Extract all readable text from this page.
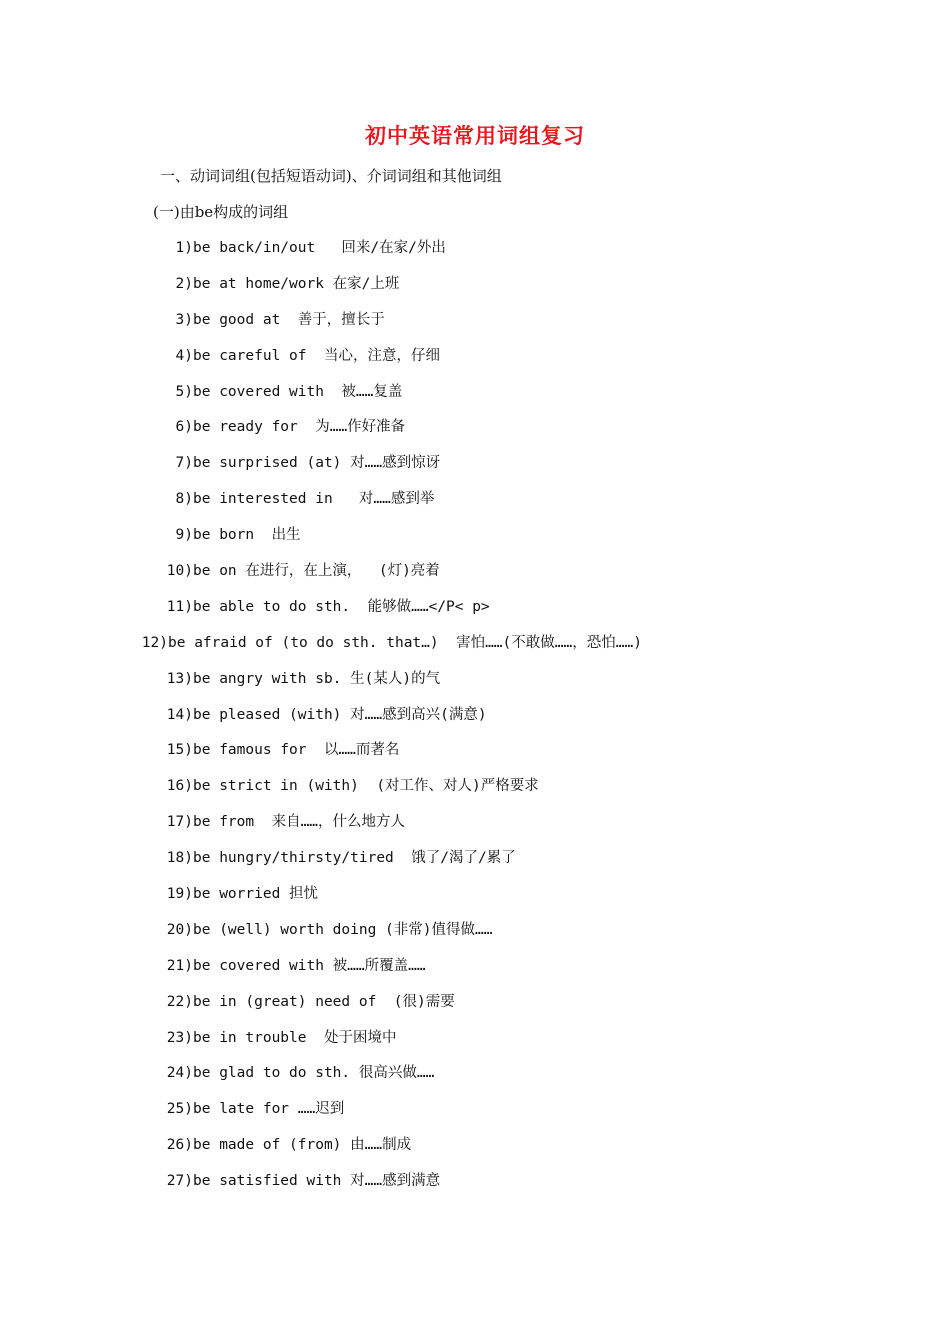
初中英语常用词组复习
一、动词词组(包括短语动词)、介词词组和其他词组
(一)由be构成的词组
1) be back/in/out   回来/在家/外出
2) be at home/work 在家/上班
3) be good at  善于，擅长于
4) be careful of  当心，注意，仔细
5) be covered with  被……复盖
6) be ready for  为……作好准备
7) be surprised (at) 对……感到惊讶
8) be interested in   对……感到举
9) be born  出生
10) be on 在进行，在上演，  (灯)亮着
11) be able to do sth.  能够做……</P< p>
12) be afraid of (to do sth. that…)  害怕……(不敢做……，恐怕……)
13) be angry with sb. 生(某人)的气
14) be pleased (with) 对……感到高兴(满意)
15) be famous for  以……而著名
16) be strict in (with)  (对工作、对人)严格要求
17) be from  来自……，什么地方人
18) be hungry/thirsty/tired  饿了/渴了/累了
19) be worried 担忧
20) be (well) worth doing (非常)值得做……
21) be covered with 被……所覆盖……
22) be in (great) need of  (很)需要
23) be in trouble  处于困境中
24) be glad to do sth. 很高兴做……
25) be late for ……迟到
26) be made of (from) 由……制成
27) be satisfied with 对……感到满意
